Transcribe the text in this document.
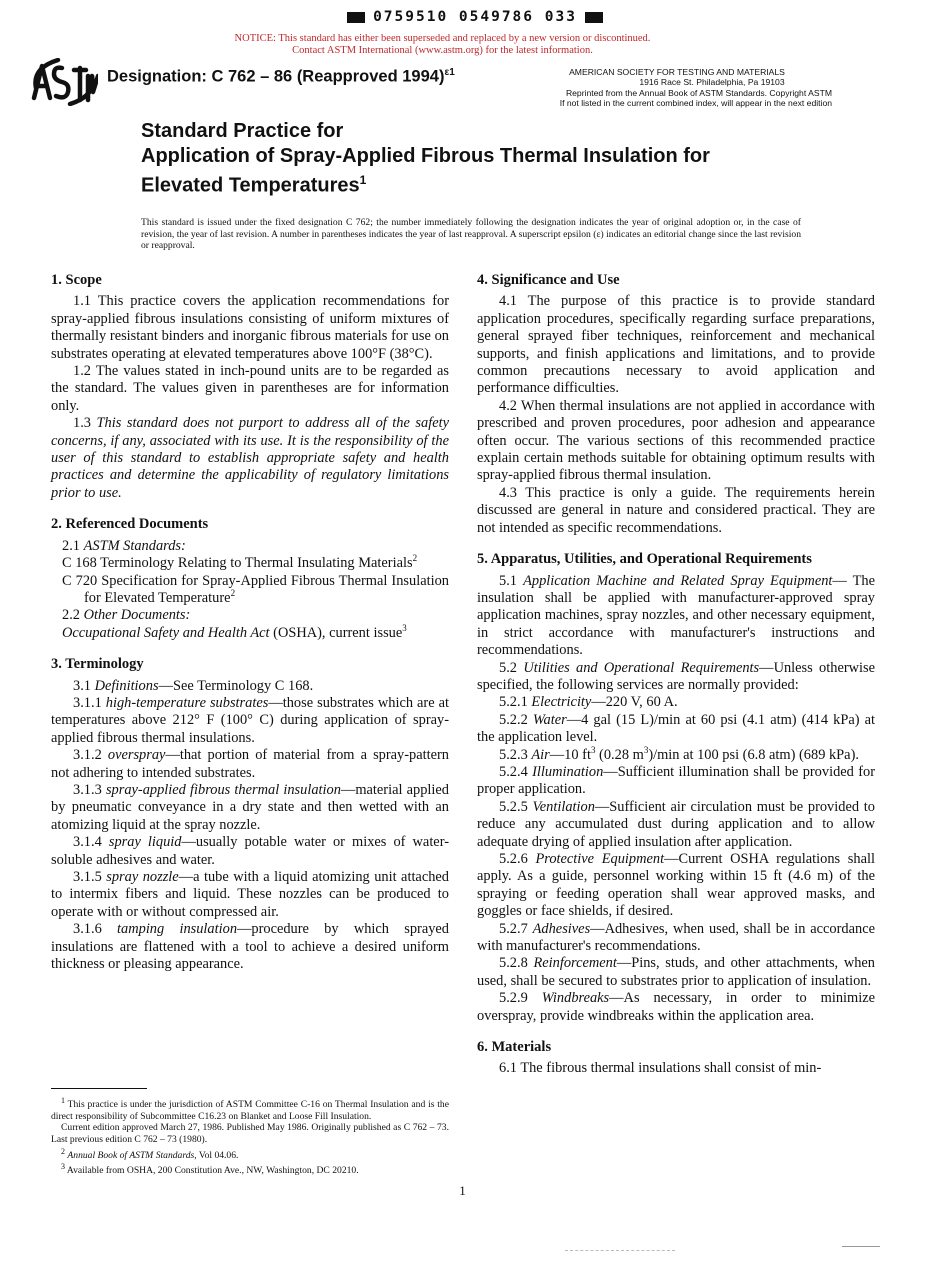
0759510 0549786 033
NOTICE: This standard has either been superseded and replaced by a new version or discontinued.
Contact ASTM International (www.astm.org) for the latest information.
Designation: C 762 – 86 (Reapproved 1994)$^{\varepsilon 1}$	AMERICAN SOCIETY FOR TESTING AND MATERIALS
1916 Race St. Philadelphia, Pa 19103
Reprinted from the Annual Book of ASTM Standards. Copyright ASTM
If not listed in the current combined index, will appear in the next edition
Standard Practice for
Application of Spray-Applied Fibrous Thermal Insulation for
Elevated Temperatures$^1$
This standard is issued under the fixed designation C 762; the number immediately following the designation indicates the year of original adoption or, in the case of revision, the year of last revision. A number in parentheses indicates the year of last reapproval. A superscript epsilon (ε) indicates an editorial change since the last revision or reapproval.
1. Scope

1.1 This practice covers the application recommendations for spray-applied fibrous insulations consisting of uniform mixtures of thermally resistant binders and inorganic fibrous materials for use on substrates operating at elevated temperatures above 100°F (38°C).

1.2 The values stated in inch-pound units are to be regarded as the standard. The values given in parentheses are for information only.

1.3 This standard does not purport to address all of the safety concerns, if any, associated with its use. It is the responsibility of the user of this standard to establish appropriate safety and health practices and determine the applicability of regulatory limitations prior to use.

2. Referenced Documents

2.1 ASTM Standards:

C 168 Terminology Relating to Thermal Insulating Materials$^2$

C 720 Specification for Spray-Applied Fibrous Thermal Insulation for Elevated Temperature$^2$

2.2 Other Documents:

Occupational Safety and Health Act (OSHA), current issue$^3$

3. Terminology

3.1 Definitions—See Terminology C 168.

3.1.1 high-temperature substrates—those substrates which are at temperatures above 212° F (100° C) during application of spray-applied fibrous thermal insulations.

3.1.2 overspray—that portion of material from a spray-pattern not adhering to intended substrates.

3.1.3 spray-applied fibrous thermal insulation—material applied by pneumatic conveyance in a dry state and then wetted with an atomizing liquid at the spray nozzle.

3.1.4 spray liquid—usually potable water or mixes of water-soluble adhesives and water.

3.1.5 spray nozzle—a tube with a liquid atomizing unit attached to intermix fibers and liquid. These nozzles can be produced to operate with or without compressed air.

3.1.6 tamping insulation—procedure by which sprayed insulations are flattened with a tool to achieve a desired uniform thickness or pleasing appearance.

4. Significance and Use

4.1 The purpose of this practice is to provide standard application procedures, specifically regarding surface preparations, general sprayed fiber techniques, reinforcement and mechanical supports, and finish applications and limitations, and to provide common precautions necessary to avoid application and performance difficulties.

4.2 When thermal insulations are not applied in accordance with prescribed and proven procedures, poor adhesion and appearance often occur. The various sections of this recommended practice explain certain methods suitable for obtaining optimum results with spray-applied fibrous thermal insulation.

4.3 This practice is only a guide. The requirements herein discussed are general in nature and considered practical. They are not intended as specific recommendations.

5. Apparatus, Utilities, and Operational Requirements

5.1 Application Machine and Related Spray Equipment— The insulation shall be applied with manufacturer-approved spray application machines, spray nozzles, and other necessary equipment, in strict accordance with manufacturer's instructions and recommendations.

5.2 Utilities and Operational Requirements—Unless otherwise specified, the following services are normally provided:

5.2.1 Electricity—220 V, 60 A.

5.2.2 Water—4 gal (15 L)/min at 60 psi (4.1 atm) (414 kPa) at the application level.

5.2.3 Air—10 $ft^3$ (0.28 $m^3)/\min$ at 100 psi (6.8 atm) (689 kPa).

5.2.4 Illumination—Sufficient illumination shall be provided for proper application.

5.2.5 Ventilation—Sufficient air circulation must be provided to reduce any accumulated dust during application and to allow adequate drying of applied insulation after application.

5.2.6 Protective Equipment—Current OSHA regulations shall apply. As a guide, personnel working within 15 ft (4.6 m) of the spraying or feeding operation shall wear approved masks, and goggles or face shields, if desired.

5.2.7 Adhesives—Adhesives, when used, shall be in accordance with manufacturer's recommendations.

5.2.8 Reinforcement—Pins, studs, and other attachments, when used, shall be secured to substrates prior to application of insulation.

5.2.9 Windbreaks—As necessary, in order to minimize overspray, provide windbreaks within the application area.

6. Materials

6.1 The fibrous thermal insulations shall consist of min-

$^1$ This practice is under the jurisdiction of ASTM Committee C-16 on Thermal Insulation and is the direct responsibility of Subcommittee C16.23 on Blanket and Loose Fill Insulation.

Current edition approved March 27, 1986. Published May 1986. Originally published as C 762 – 73. Last previous edition C 762 – 73 (1980).

$^2$ Annual Book of ASTM Standards, Vol 04.06.

$^3$ Available from OSHA, 200 Constitution Ave., NW, Washington, DC 20210.

1
